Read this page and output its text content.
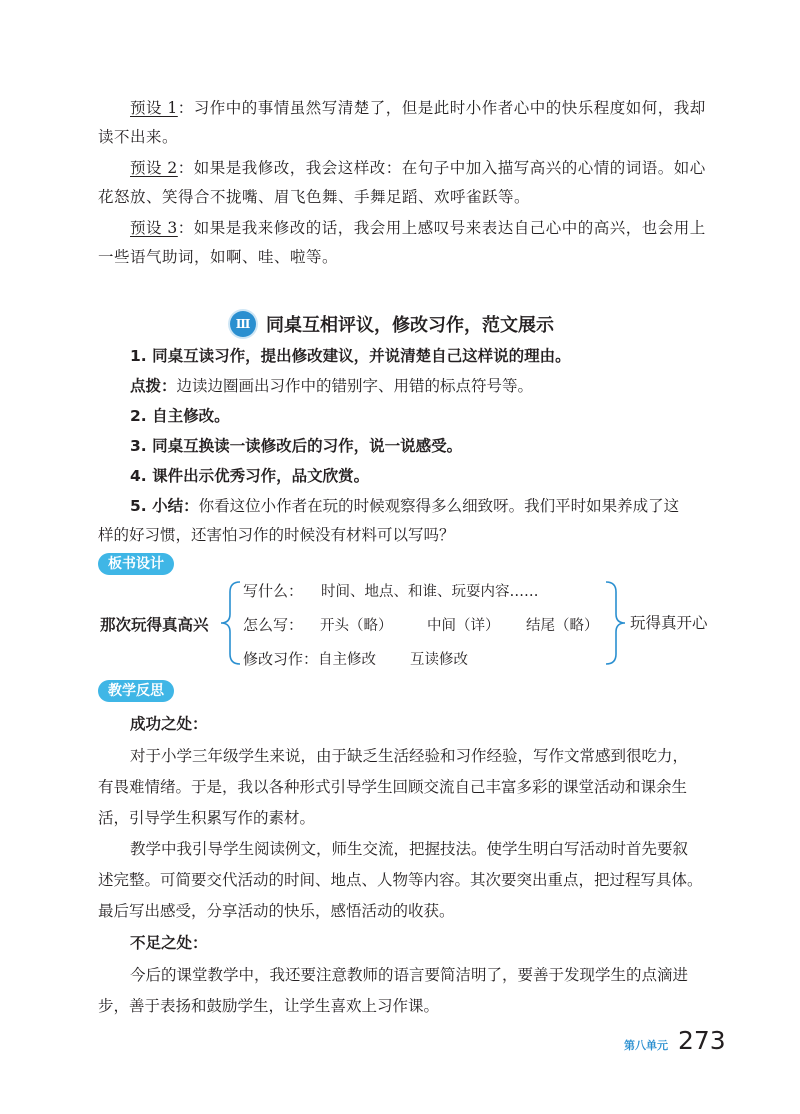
预设 1：习作中的事情虽然写清楚了，但是此时小作者心中的快乐程度如何，我却
读不出来。
预设 2：如果是我修改，我会这样改：在句子中加入描写高兴的心情的词语。如心
花怒放、笑得合不拢嘴、眉飞色舞、手舞足蹈、欢呼雀跃等。
预设 3：如果是我来修改的话，我会用上感叹号来表达自己心中的高兴，也会用上
一些语气助词，如啊、哇、啦等。
Ⅲ 同桌互相评议，修改习作，范文展示
1. 同桌互读习作，提出修改建议，并说清楚自己这样说的理由。
点拨：边读边圈画出习作中的错别字、用错的标点符号等。
2. 自主修改。
3. 同桌互换读一读修改后的习作，说一说感受。
4. 课件出示优秀习作，品文欣赏。
5. 小结：你看这位小作者在玩的时候观察得多么细致呀。我们平时如果养成了这
样的好习惯，还害怕习作的时候没有材料可以写吗？
板书设计
那次玩得真高兴
写什么： 时间、地点、和谁、玩耍内容……
怎么写： 开头（略） 中间（详） 结尾（略）
修改习作：自主修改 互读修改
玩得真开心
教学反思
成功之处：
对于小学三年级学生来说，由于缺乏生活经验和习作经验，写作文常感到很吃力，
有畏难情绪。于是，我以各种形式引导学生回顾交流自己丰富多彩的课堂活动和课余生
活，引导学生积累写作的素材。
教学中我引导学生阅读例文，师生交流，把握技法。使学生明白写活动时首先要叙
述完整。可简要交代活动的时间、地点、人物等内容。其次要突出重点，把过程写具体。
最后写出感受，分享活动的快乐，感悟活动的收获。
不足之处：
今后的课堂教学中，我还要注意教师的语言要简洁明了，要善于发现学生的点滴进
步，善于表扬和鼓励学生，让学生喜欢上习作课。
第八单元 273
